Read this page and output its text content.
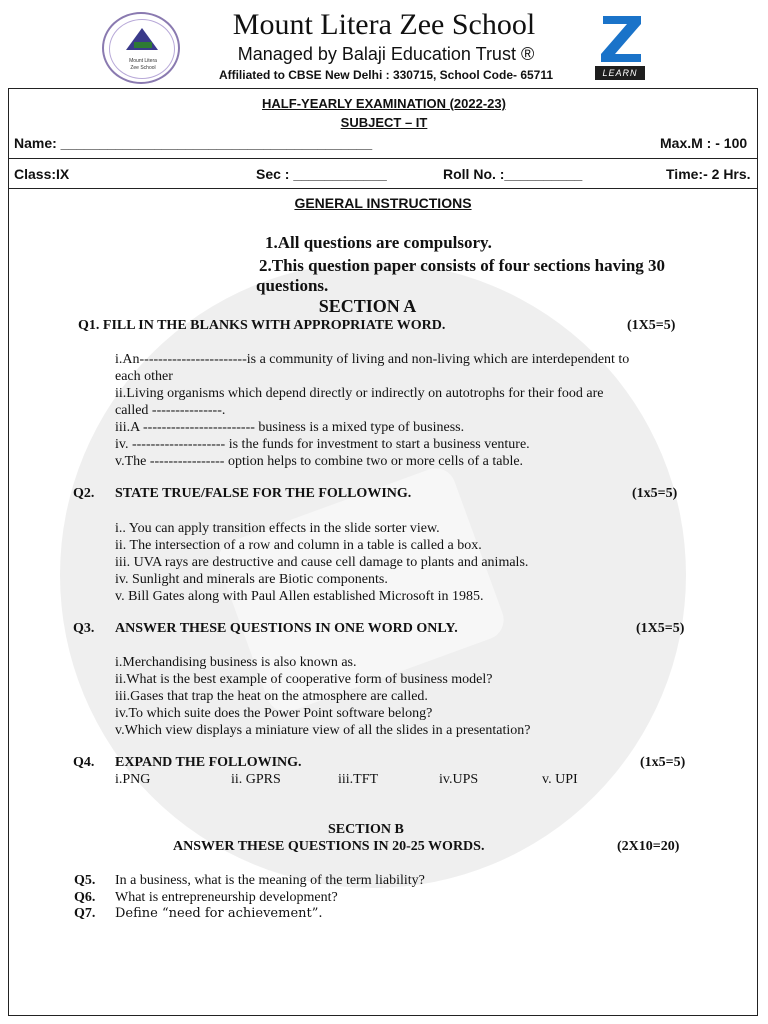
Mount Litera
Zee School
Mount Litera Zee School
Managed by Balaji Education Trust ®
Affiliated to CBSE New Delhi : 330715, School Code- 65711	LEARN
HALF-YEARLY EXAMINATION (2022-23)
SUBJECT – IT
Name: ________________________________________	Max.M : - 100
Class:IX	Sec : ____________	Roll No. :__________	Time:- 2 Hrs.
GENERAL INSTRUCTIONS
1.All questions are compulsory.
2.This question paper consists of four sections having 30
questions.
SECTION A
Q1. FILL IN THE BLANKS WITH APPROPRIATE WORD.	(1X5=5)
i.An-----------------------is a community of living and non-living which are interdependent to
each other
ii.Living organisms which depend directly or indirectly on autotrophs for their food are
called ---------------.
iii.A ------------------------ business is a mixed type of business.
iv. -------------------- is the funds for investment to start a business venture.
v.The ---------------- option helps to combine two or more cells of a table.
Q2. STATE TRUE/FALSE FOR THE FOLLOWING.	(1x5=5)
i.. You can apply transition effects in the slide sorter view.
ii. The intersection of a row and column in a table is called a box.
iii. UVA rays are destructive and cause cell damage to plants and animals.
iv. Sunlight and minerals are Biotic components.
v. Bill Gates along with Paul Allen established Microsoft in 1985.
Q3. ANSWER THESE QUESTIONS IN ONE WORD ONLY.	(1X5=5)
i.Merchandising business is also known as.
ii.What is the best example of cooperative form of business model?
iii.Gases that trap the heat on the atmosphere are called.
iv.To which suite does the Power Point software belong?
v.Which view displays a miniature view of all the slides in a presentation?
Q4. EXPAND THE FOLLOWING.	(1x5=5)
i.PNG	ii. GPRS	iii.TFT	iv.UPS	v. UPI
SECTION B
ANSWER THESE QUESTIONS IN 20-25 WORDS.	(2X10=20)
Q5. In a business, what is the meaning of the term liability?
Q6. What is entrepreneurship development?
Q7. Define “need for achievement”.
